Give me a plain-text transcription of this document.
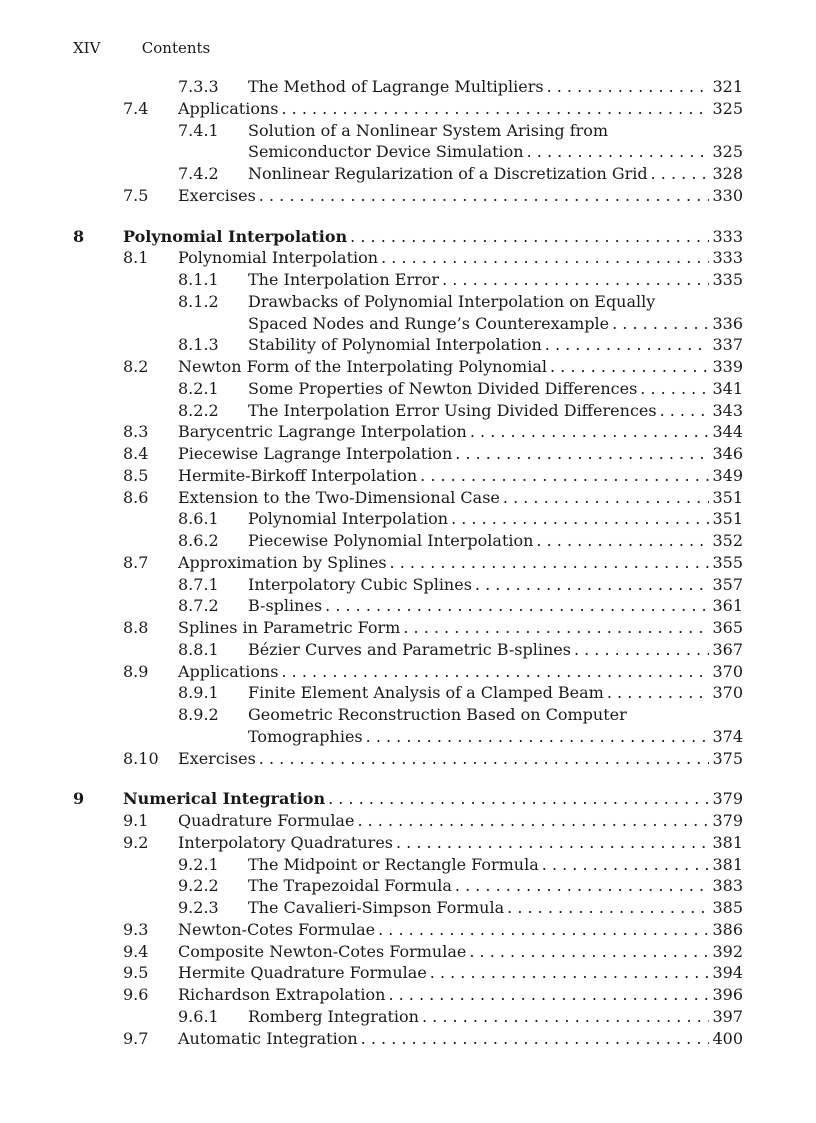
XIV	Contents
7.3.3 The Method of Lagrange Multipliers . . .	321
7.4 Applications . . .	325
7.4.1 Solution of a Nonlinear System Arising from
Semiconductor Device Simulation . . .	325
7.4.2 Nonlinear Regularization of a Discretization Grid . . .	328
7.5 Exercises . . .	330
8 Polynomial Interpolation . . .	333
8.1 Polynomial Interpolation . . .	333
8.1.1 The Interpolation Error . . .	335
8.1.2 Drawbacks of Polynomial Interpolation on Equally
Spaced Nodes and Runge’s Counterexample . . .	336
8.1.3 Stability of Polynomial Interpolation . . .	337
8.2 Newton Form of the Interpolating Polynomial . . .	339
8.2.1 Some Properties of Newton Divided Differences . . .	341
8.2.2 The Interpolation Error Using Divided Differences . . .	343
8.3 Barycentric Lagrange Interpolation . . .	344
8.4 Piecewise Lagrange Interpolation . . .	346
8.5 Hermite-Birkoff Interpolation . . .	349
8.6 Extension to the Two-Dimensional Case . . .	351
8.6.1 Polynomial Interpolation . . .	351
8.6.2 Piecewise Polynomial Interpolation . . .	352
8.7 Approximation by Splines . . .	355
8.7.1 Interpolatory Cubic Splines . . .	357
8.7.2 B-splines . . .	361
8.8 Splines in Parametric Form . . .	365
8.8.1 Bézier Curves and Parametric B-splines . . .	367
8.9 Applications . . .	370
8.9.1 Finite Element Analysis of a Clamped Beam . . .	370
8.9.2 Geometric Reconstruction Based on Computer
Tomographies . . .	374
8.10 Exercises . . .	375
9 Numerical Integration . . .	379
9.1 Quadrature Formulae . . .	379
9.2 Interpolatory Quadratures . . .	381
9.2.1 The Midpoint or Rectangle Formula . . .	381
9.2.2 The Trapezoidal Formula . . .	383
9.2.3 The Cavalieri-Simpson Formula . . .	385
9.3 Newton-Cotes Formulae . . .	386
9.4 Composite Newton-Cotes Formulae . . .	392
9.5 Hermite Quadrature Formulae . . .	394
9.6 Richardson Extrapolation . . .	396
9.6.1 Romberg Integration . . .	397
9.7 Automatic Integration . . .	400
